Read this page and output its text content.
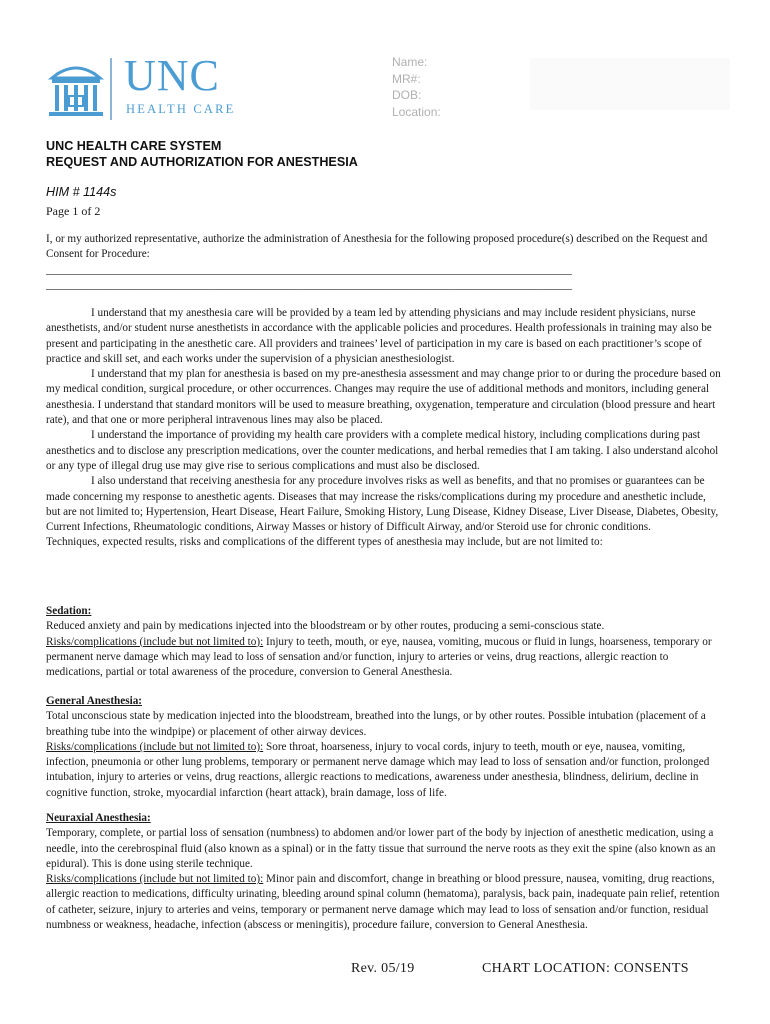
UNC
HEALTH CARE
Name:
MR#:
DOB:
Location:
UNC HEALTH CARE SYSTEM
REQUEST AND AUTHORIZATION FOR ANESTHESIA
HIM # 1144s
Page 1 of 2

I, or my authorized representative, authorize the administration of Anesthesia for the following proposed procedure(s) described on the Request and Consent for Procedure:

______________________________________________________________________________________________
______________________________________________________________________________________________

I understand that my anesthesia care will be provided by a team led by attending physicians and may include resident physicians, nurse anesthetists, and/or student nurse anesthetists in accordance with the applicable policies and procedures. Health professionals in training may also be present and participating in the anesthetic care. All providers and trainees’ level of participation in my care is based on each practitioner’s scope of practice and skill set, and each works under the supervision of a physician anesthesiologist.

I understand that my plan for anesthesia is based on my pre-anesthesia assessment and may change prior to or during the procedure based on my medical condition, surgical procedure, or other occurrences. Changes may require the use of additional methods and monitors, including general anesthesia. I understand that standard monitors will be used to measure breathing, oxygenation, temperature and circulation (blood pressure and heart rate), and that one or more peripheral intravenous lines may also be placed.

I understand the importance of providing my health care providers with a complete medical history, including complications during past anesthetics and to disclose any prescription medications, over the counter medications, and herbal remedies that I am taking. I also understand alcohol or any type of illegal drug use may give rise to serious complications and must also be disclosed.

I also understand that receiving anesthesia for any procedure involves risks as well as benefits, and that no promises or guarantees can be made concerning my response to anesthetic agents. Diseases that may increase the risks/complications during my procedure and anesthetic include, but are not limited to; Hypertension, Heart Disease, Heart Failure, Smoking History, Lung Disease, Kidney Disease, Liver Disease, Diabetes, Obesity, Current Infections, Rheumatologic conditions, Airway Masses or history of Difficult Airway, and/or Steroid use for chronic conditions.

Techniques, expected results, risks and complications of the different types of anesthesia may include, but are not limited to:

Sedation:

Reduced anxiety and pain by medications injected into the bloodstream or by other routes, producing a semi-conscious state.

Risks/complications (include but not limited to): Injury to teeth, mouth, or eye, nausea, vomiting, mucous or fluid in lungs, hoarseness, temporary or permanent nerve damage which may lead to loss of sensation and/or function, injury to arteries or veins, drug reactions, allergic reaction to medications, partial or total awareness of the procedure, conversion to General Anesthesia.

General Anesthesia:

Total unconscious state by medication injected into the bloodstream, breathed into the lungs, or by other routes. Possible intubation (placement of a breathing tube into the windpipe) or placement of other airway devices.

Risks/complications (include but not limited to): Sore throat, hoarseness, injury to vocal cords, injury to teeth, mouth or eye, nausea, vomiting, infection, pneumonia or other lung problems, temporary or permanent nerve damage which may lead to loss of sensation and/or function, prolonged intubation, injury to arteries or veins, drug reactions, allergic reactions to medications, awareness under anesthesia, blindness, delirium, decline in cognitive function, stroke, myocardial infarction (heart attack), brain damage, loss of life.

Neuraxial Anesthesia:

Temporary, complete, or partial loss of sensation (numbness) to abdomen and/or lower part of the body by injection of anesthetic medication, using a needle, into the cerebrospinal fluid (also known as a spinal) or in the fatty tissue that surround the nerve roots as they exit the spine (also known as an epidural). This is done using sterile technique.

Risks/complications (include but not limited to): Minor pain and discomfort, change in breathing or blood pressure, nausea, vomiting, drug reactions, allergic reaction to medications, difficulty urinating, bleeding around spinal column (hematoma), paralysis, back pain, inadequate pain relief, retention of catheter, seizure, injury to arteries and veins, temporary or permanent nerve damage which may lead to loss of sensation and/or function, residual numbness or weakness, headache, infection (abscess or meningitis), procedure failure, conversion to General Anesthesia.

Rev. 05/19	CHART LOCATION: CONSENTS
